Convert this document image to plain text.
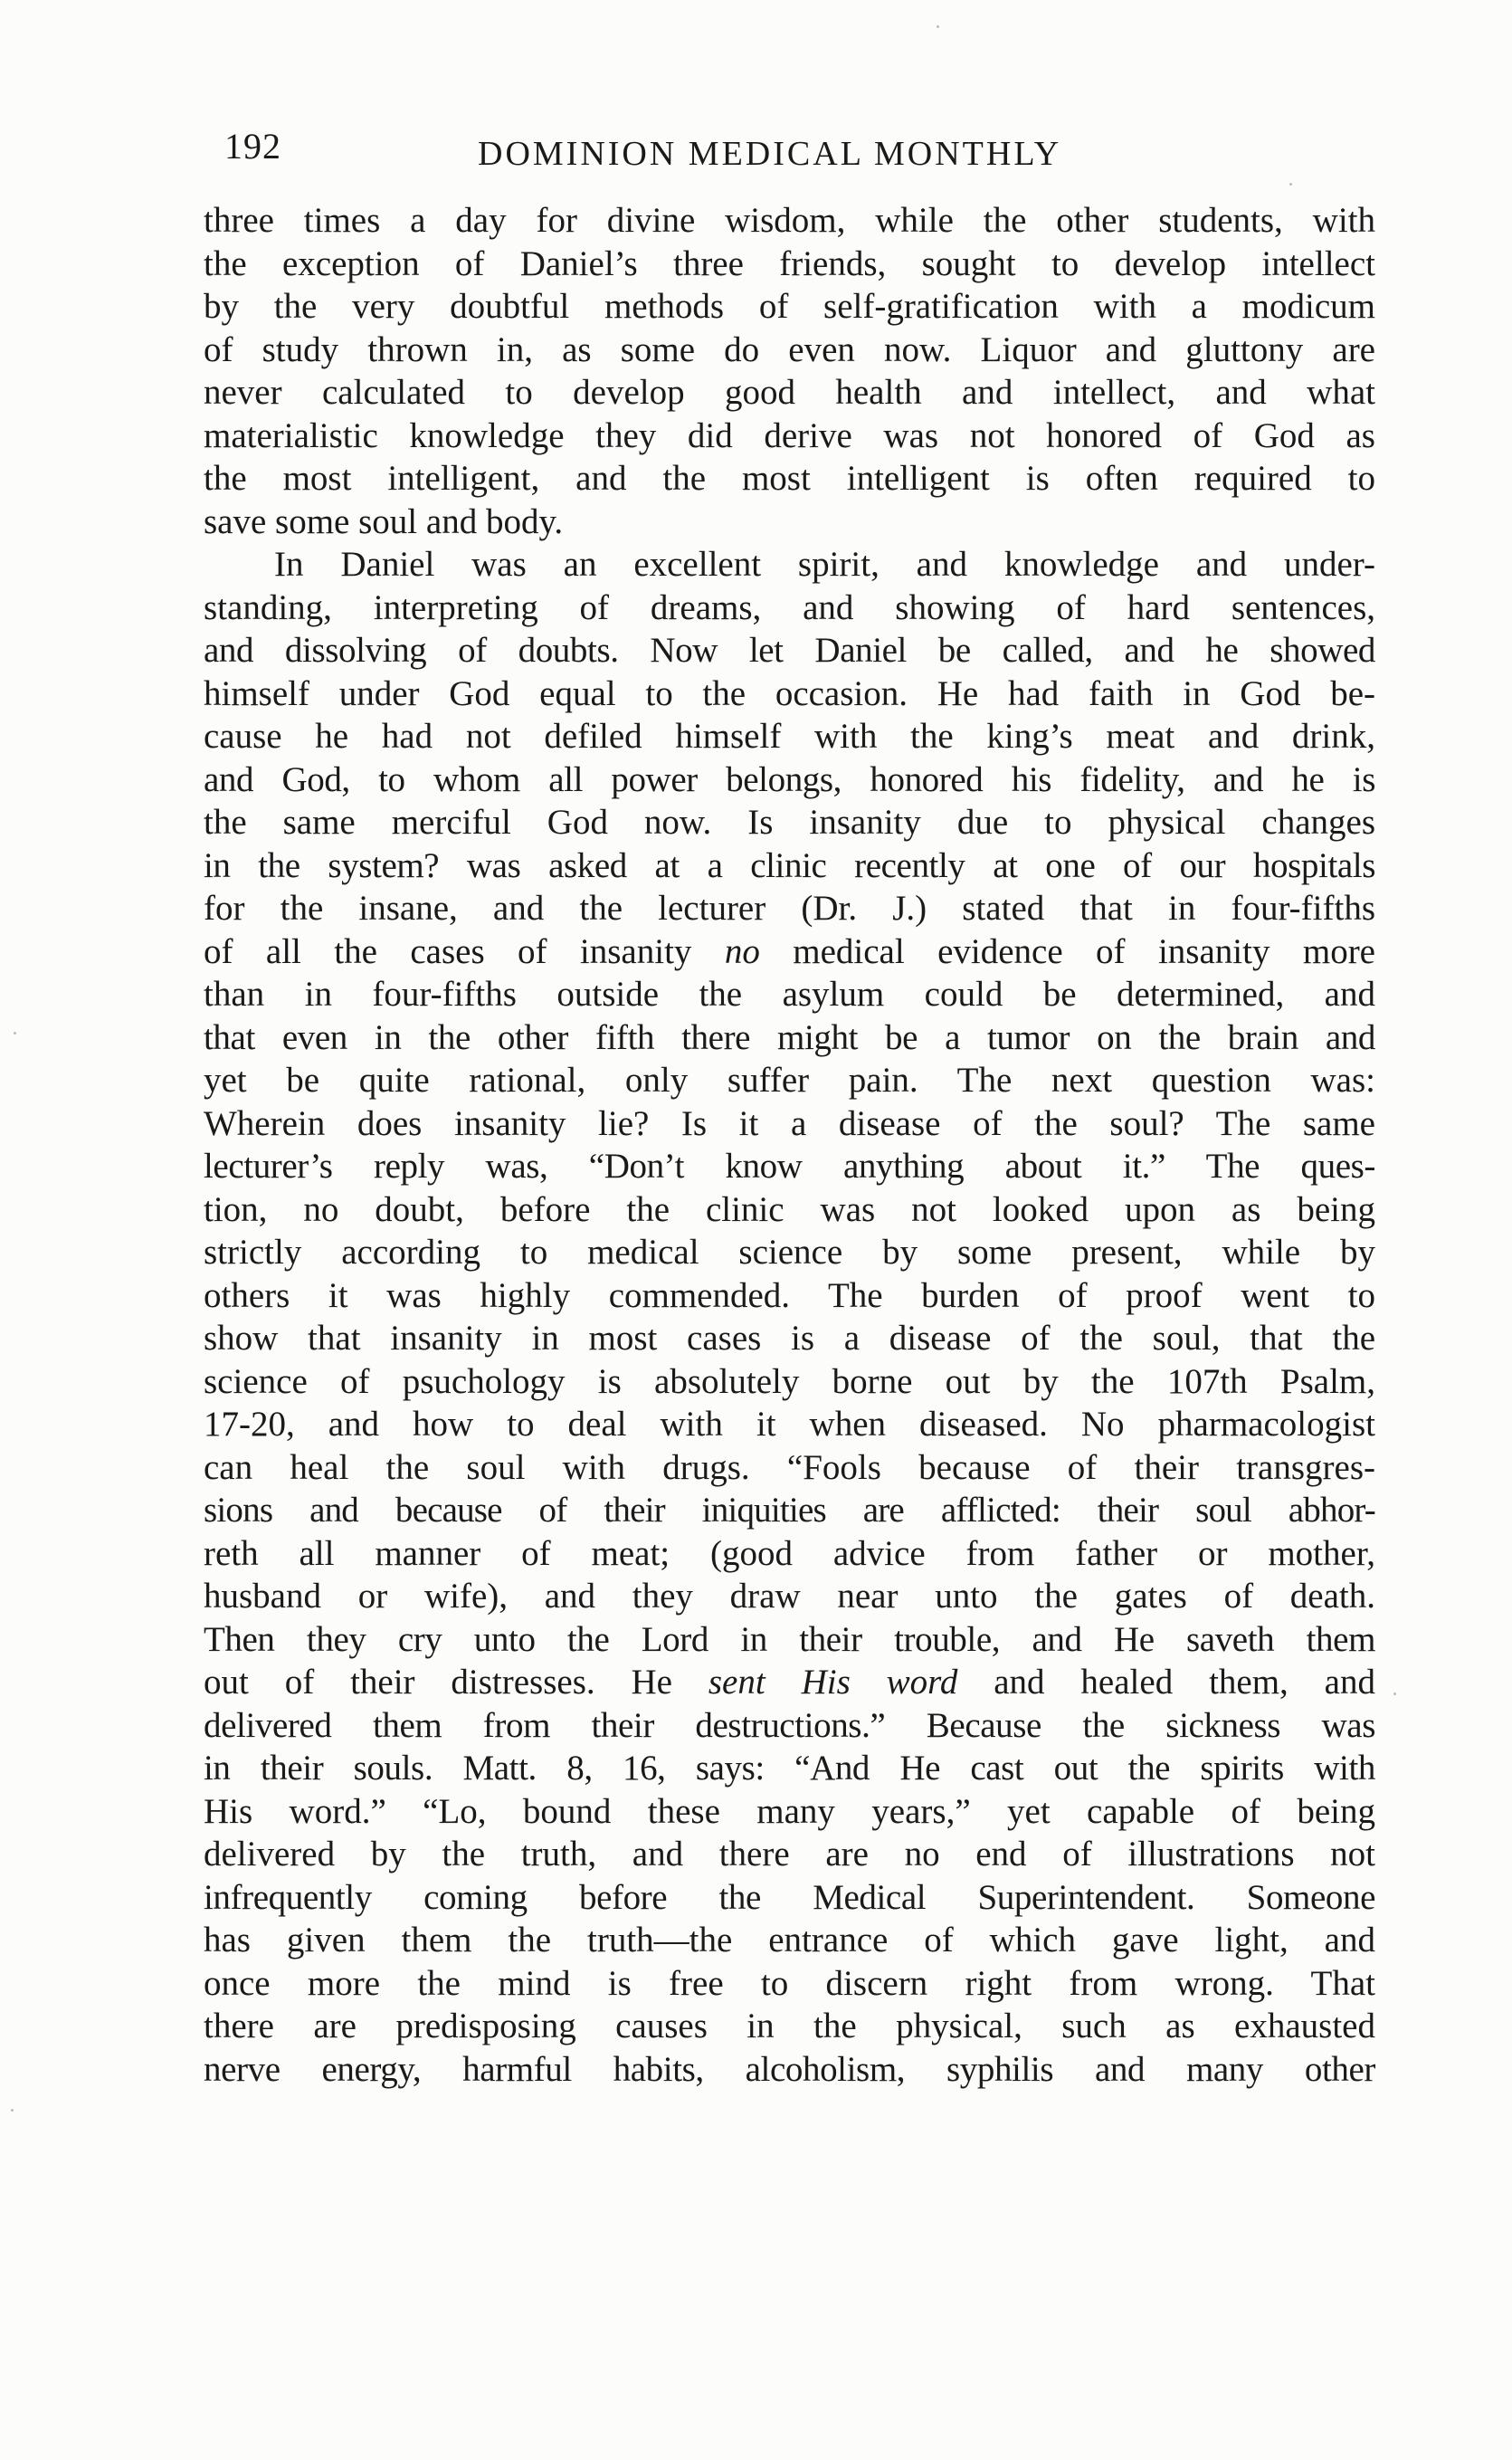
192	DOMINION MEDICAL MONTHLY
three times a day for divine wisdom, while the other students, with
the exception of Daniel’s three friends, sought to develop intellect
by the very doubtful methods of self-gratification with a modicum
of study thrown in, as some do even now. Liquor and gluttony are
never calculated to develop good health and intellect, and what
materialistic knowledge they did derive was not honored of God as
the most intelligent, and the most intelligent is often required to
save some soul and body.
In Daniel was an excellent spirit, and knowledge and under-
standing, interpreting of dreams, and showing of hard sentences,
and dissolving of doubts. Now let Daniel be called, and he showed
himself under God equal to the occasion. He had faith in God be-
cause he had not defiled himself with the king’s meat and drink,
and God, to whom all power belongs, honored his fidelity, and he is
the same merciful God now. Is insanity due to physical changes
in the system? was asked at a clinic recently at one of our hospitals
for the insane, and the lecturer (Dr. J.) stated that in four-fifths
of all the cases of insanity no medical evidence of insanity more
than in four-fifths outside the asylum could be determined, and
that even in the other fifth there might be a tumor on the brain and
yet be quite rational, only suffer pain. The next question was:
Wherein does insanity lie? Is it a disease of the soul? The same
lecturer’s reply was, “Don’t know anything about it.” The ques-
tion, no doubt, before the clinic was not looked upon as being
strictly according to medical science by some present, while by
others it was highly commended. The burden of proof went to
show that insanity in most cases is a disease of the soul, that the
science of psuchology is absolutely borne out by the 107th Psalm,
17-20, and how to deal with it when diseased. No pharmacologist
can heal the soul with drugs. “Fools because of their transgres-
sions and because of their iniquities are afflicted: their soul abhor-
reth all manner of meat; (good advice from father or mother,
husband or wife), and they draw near unto the gates of death.
Then they cry unto the Lord in their trouble, and He saveth them
out of their distresses. He sent His word and healed them, and
delivered them from their destructions.” Because the sickness was
in their souls. Matt. 8, 16, says: “And He cast out the spirits with
His word.” “Lo, bound these many years,” yet capable of being
delivered by the truth, and there are no end of illustrations not
infrequently coming before the Medical Superintendent. Someone
has given them the truth—the entrance of which gave light, and
once more the mind is free to discern right from wrong. That
there are predisposing causes in the physical, such as exhausted
nerve energy, harmful habits, alcoholism, syphilis and many other
